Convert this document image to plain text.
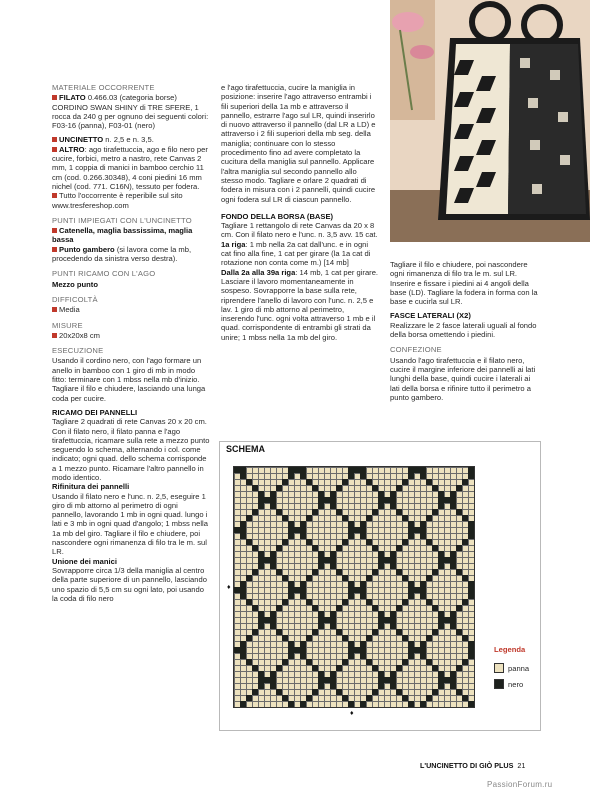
MATERIALE OCCORRENTE

FILATO 0.466.03 (categoria borse) CORDINO SWAN SHINY di TRE SFERE, 1 rocca da 240 g per ognuno dei seguenti colori: F03-16 (panna), F03-01 (nero)

UNCINETTO n. 2,5 e n. 3,5.

ALTRO: ago tirafettuccia, ago e filo nero per cucire, forbici, metro a nastro, rete Canvas 2 mm, 1 coppia di manici in bamboo cerchio 11 cm (cod. 0.266.30348), 4 coni piedini 16 mm nichel (cod. 771. C16N), tessuto per fodera.

Tutto l'occorrente è reperibile sul sito www.tresfereshop.com

PUNTI IMPIEGATI CON L'UNCINETTO

Catenella, maglia bassissima, maglia bassa

Punto gambero (si lavora come la mb, procedendo da sinistra verso destra).

PUNTI RICAMO CON L'AGO

Mezzo punto

DIFFICOLTÀ

Media

MISURE

20x20x8 cm

ESECUZIONE

Usando il cordino nero, con l'ago formare un anello in bamboo con 1 giro di mb in modo fitto: terminare con 1 mbss nella mb d'inizio. Tagliare il filo e chiudere, lasciando una lunga coda per cucire.

RICAMO DEI PANNELLI

Tagliare 2 quadrati di rete Canvas 20 x 20 cm. Con il filato nero, il filato panna e l'ago tirafettuccia, ricamare sulla rete a mezzo punto seguendo lo schema, alternando i col. come indicato; ogni quad. dello schema corrisponde a 1 mezzo punto. Ricamare l'altro pannello in modo identico.

Rifinitura dei pannelli

Usando il filato nero e l'unc. n. 2,5, eseguire 1 giro di mb attorno al perimetro di ogni pannello, lavorando 1 mb in ogni quad. lungo i lati e 3 mb in ogni quad d'angolo; 1 mbss nella 1a mb del giro. Tagliare il filo e chiudere, poi nascondere ogni rimanenza di filo tra le m. sul LR.

Unione dei manici

Sovrapporre circa 1/3 della maniglia al centro della parte superiore di un pannello, lasciando uno spazio di 5,5 cm su ogni lato, poi usando la coda di filo nero

e l'ago tirafettuccia, cucire la maniglia in posizione: inserire l'ago attraverso entrambi i fili superiori della 1a mb e attraverso il pannello, estrarre l'ago sul LR, quindi inserirlo di nuovo attraverso il pannello (dal LR a LD) e attraverso i 2 fili superiori della mb seg. della maniglia; continuare con lo stesso procedimento fino ad avere completato la cucitura della maniglia sul pannello. Applicare l'altra maniglia sul secondo pannello allo stesso modo. Tagliare e orlare 2 quadrati di fodera in misura con i 2 pannelli, quindi cucire ogni fodera sul LR di ciascun pannello.

FONDO DELLA BORSA (BASE)

Tagliare 1 rettangolo di rete Canvas da 20 x 8 cm. Con il filato nero e l'unc. n. 3,5 avv. 15 cat.

1a riga: 1 mb nella 2a cat dall'unc. e in ogni cat fino alla fine, 1 cat per girare (la 1a cat di rotazione non conta come m.) [14 mb]

Dalla 2a alla 39a riga: 14 mb, 1 cat per girare.

Lasciare il lavoro momentaneamente in sospeso. Sovrapporre la base sulla rete, riprendere l'anello di lavoro con l'unc. n. 2,5 e lav. 1 giro di mb attorno al perimetro, inserendo l'unc. ogni volta attraverso 1 mb e il quad. corrispondente di entrambi gli strati da unire; 1 mbss nella 1a mb del giro.

Tagliare il filo e chiudere, poi nascondere ogni rimanenza di filo tra le m. sul LR. Inserire e fissare i piedini ai 4 angoli della base (LD). Tagliare la fodera in forma con la base e cucirla sul LR.

FASCE LATERALI (X2)

Realizzare le 2 fasce laterali uguali al fondo della borsa omettendo i piedini.

CONFEZIONE

Usando l'ago tirafettuccia e il filato nero, cucire il margine inferiore dei pannelli ai lati lunghi della base, quindi cucire i laterali ai lati della borsa e rifinire tutto il perimetro a punto gambero.

SCHEMA
♦
♦
Legenda
panna
nero
L'UNCINETTO DI GIÒ PLUS 21
PassionForum.ru
